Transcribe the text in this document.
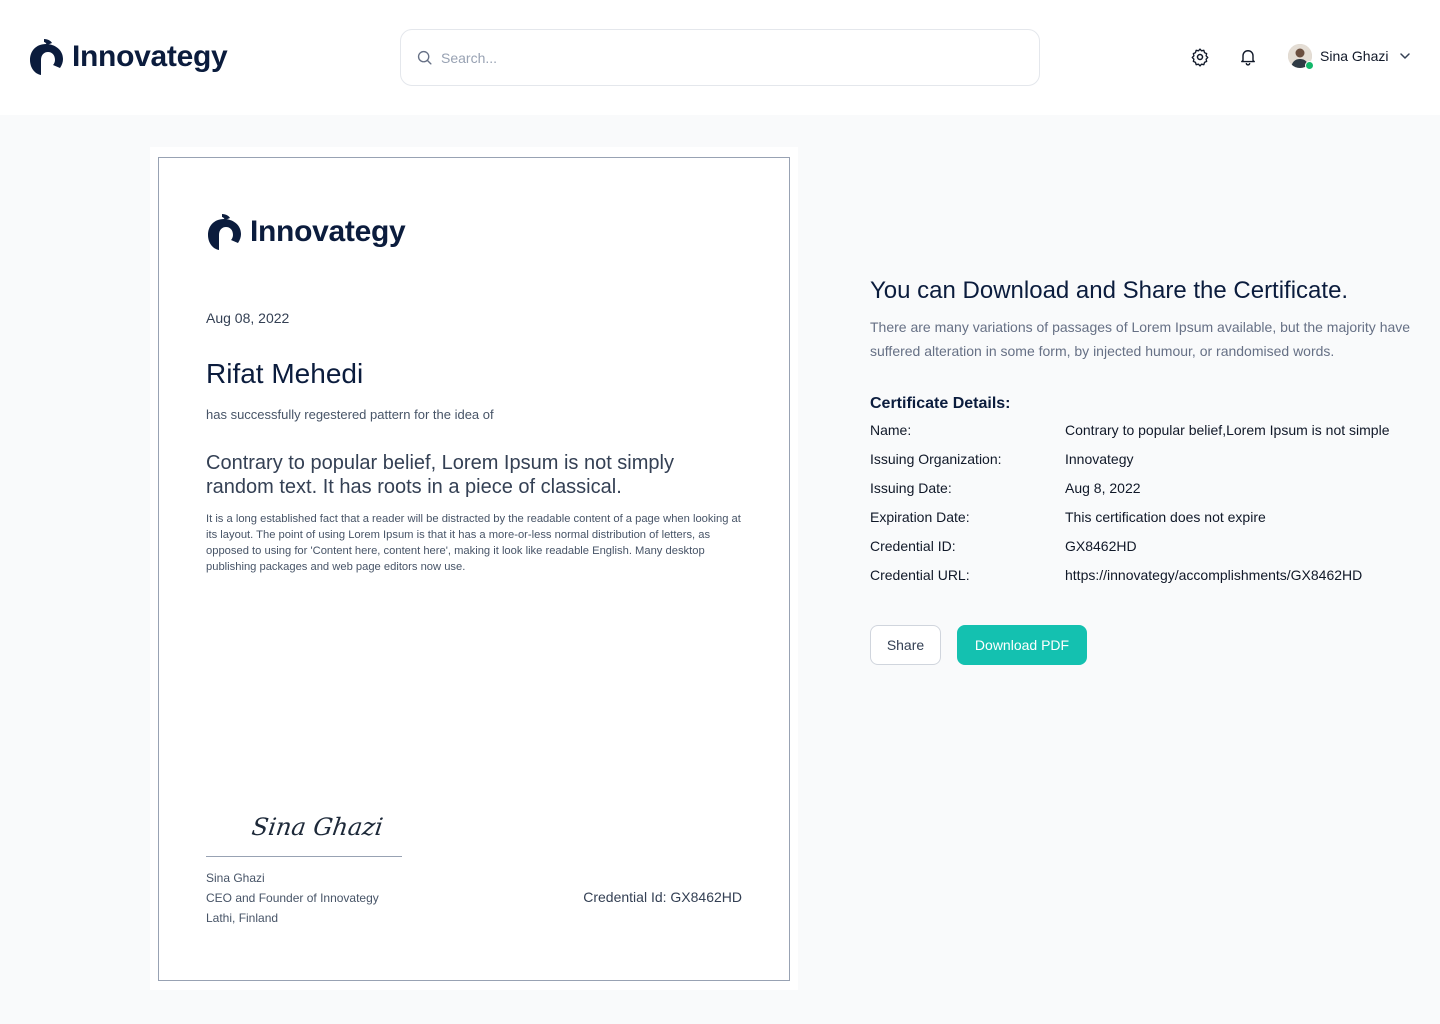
Innovategy
Search...	Sina Ghazi
Innovategy
Aug 08, 2022
Rifat Mehedi
has successfully regestered pattern for the idea of
Contrary to popular belief, Lorem Ipsum is not simply random text. It has roots in a piece of classical.
It is a long established fact that a reader will be distracted by the readable content of a page when looking at its layout. The point of using Lorem Ipsum is that it has a more-or-less normal distribution of letters, as opposed to using for 'Content here, content here', making it look like readable English. Many desktop publishing packages and web page editors now use.
Sina Ghazi
Sina Ghazi
CEO and Founder of Innovategy
Lathi, Finland
Credential Id: GX8462HD
You can Download and Share the Certificate.
There are many variations of passages of Lorem Ipsum available, but the majority have suffered alteration in some form, by injected humour, or randomised words.
Certificate Details:
Name:	Contrary to popular belief,Lorem Ipsum is not simple
Issuing Organization:	Innovategy
Issuing Date:	Aug 8, 2022
Expiration Date:	This certification does not expire
Credential ID:	GX8462HD
Credential URL:	https://innovategy/accomplishments/GX8462HD
Share	Download PDF
